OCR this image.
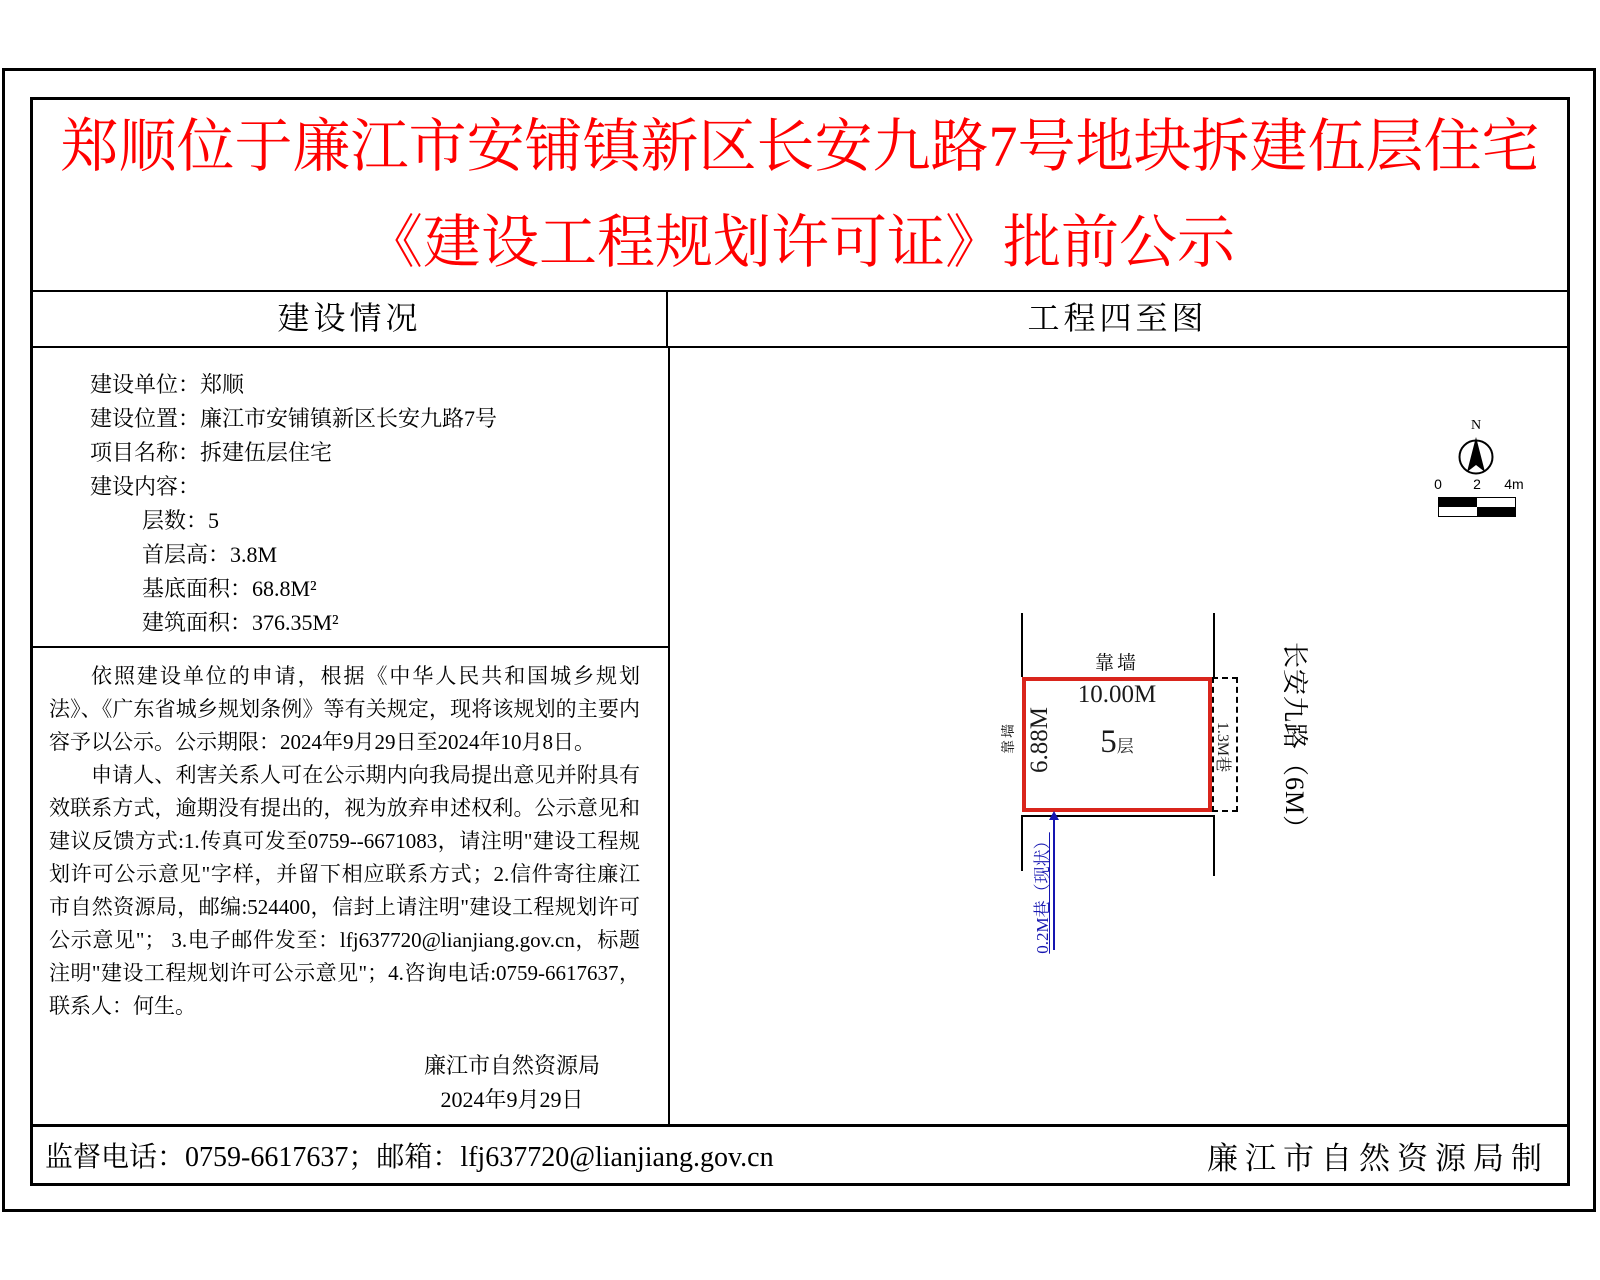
郑顺位于廉江市安铺镇新区长安九路7号地块拆建伍层住宅
《建设工程规划许可证》批前公示
建设情况	工程四至图
建设单位：郑顺
建设位置：廉江市安铺镇新区长安九路7号
项目名称：拆建伍层住宅
建设内容：
层数：5
首层高：3.8M
基底面积：68.8M²
建筑面积：376.35M²

依照建设单位的申请，根据《中华人民共和国城乡规划法》、《广东省城乡规划条例》等有关规定，现将该规划的主要内容予以公示。公示期限：2024年9月29日至2024年10月8日。

申请人、利害关系人可在公示期内向我局提出意见并附具有效联系方式，逾期没有提出的，视为放弃申述权利。公示意见和建议反馈方式:1.传真可发至0759--6671083，请注明"建设工程规划许可公示意见"字样，并留下相应联系方式；2.信件寄往廉江市自然资源局，邮编:524400，信封上请注明"建设工程规划许可公示意见"； 3.电子邮件发至：lfj637720@lianjiang.gov.cn，标题注明"建设工程规划许可公示意见"；4.咨询电话:0759-6617637，联系人：何生。

廉江市自然资源局
2024年9月29日
N
0 2	4m
靠墙
10.00M
5层
6.88M
靠墙	1.3M巷 长安九路（6M）
0.2M巷（现状）
监督电话：0759-6617637；邮箱：lfj637720@lianjiang.gov.cn	廉江市自然资源局制
